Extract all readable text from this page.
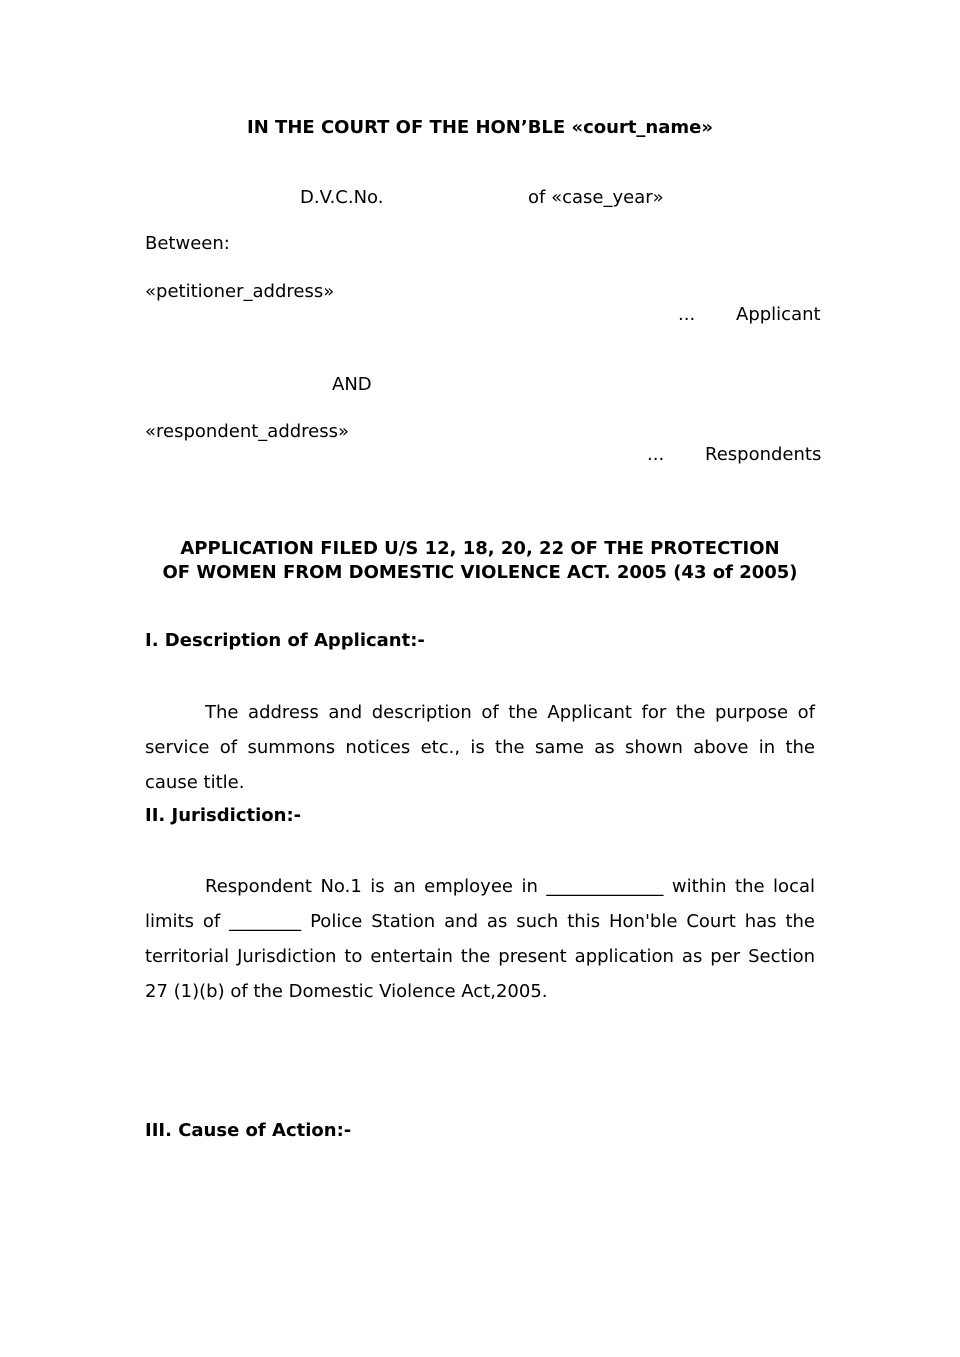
IN THE COURT OF THE HON’BLE «court_name»
D.V.C.No.	of «case_year»
Between:
«petitioner_address»
... Applicant
AND
«respondent_address»
... Respondents
APPLICATION FILED U/S 12, 18, 20, 22 OF THE PROTECTION
OF WOMEN FROM DOMESTIC VIOLENCE ACT. 2005 (43 of 2005)
I. Description of Applicant:-

The address and description of the Applicant for the purpose of service of summons notices etc., is the same as shown above in the cause title.

II. Jurisdiction:-

Respondent No.1 is an employee in _____________ within the local limits of ________ Police Station and as such this Hon'ble Court has the territorial Jurisdiction to entertain the present application as per Section 27 (1)(b) of the Domestic Violence Act,2005.

III. Cause of Action:-
